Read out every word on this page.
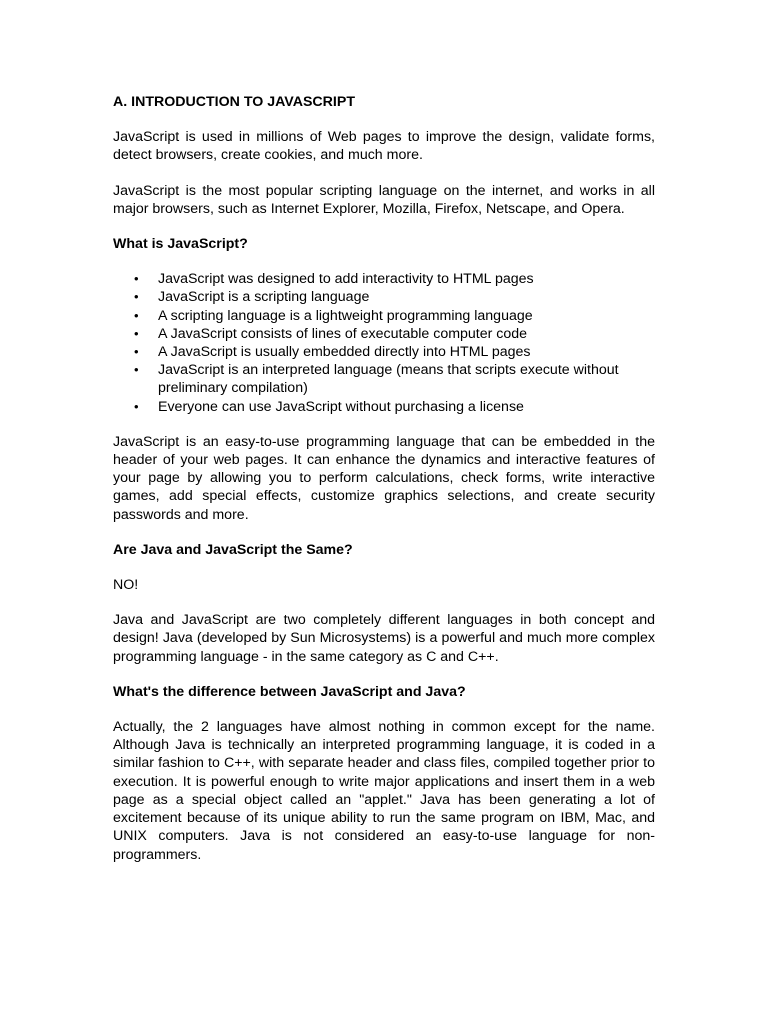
A. INTRODUCTION TO JAVASCRIPT

JavaScript is used in millions of Web pages to improve the design, validate forms, detect browsers, create cookies, and much more.

JavaScript is the most popular scripting language on the internet, and works in all major browsers, such as Internet Explorer, Mozilla, Firefox, Netscape, and Opera.

What is JavaScript?

• JavaScript was designed to add interactivity to HTML pages
• JavaScript is a scripting language
• A scripting language is a lightweight programming language
• A JavaScript consists of lines of executable computer code
• A JavaScript is usually embedded directly into HTML pages
• JavaScript is an interpreted language (means that scripts execute without preliminary compilation)
• Everyone can use JavaScript without purchasing a license

JavaScript is an easy-to-use programming language that can be embedded in the header of your web pages. It can enhance the dynamics and interactive features of your page by allowing you to perform calculations, check forms, write interactive games, add special effects, customize graphics selections, and create security passwords and more.

Are Java and JavaScript the Same?

NO!

Java and JavaScript are two completely different languages in both concept and design! Java (developed by Sun Microsystems) is a powerful and much more complex programming language - in the same category as C and C++.

What's the difference between JavaScript and Java?

Actually, the 2 languages have almost nothing in common except for the name. Although Java is technically an interpreted programming language, it is coded in a similar fashion to C++, with separate header and class files, compiled together prior to execution. It is powerful enough to write major applications and insert them in a web page as a special object called an "applet." Java has been generating a lot of excitement because of its unique ability to run the same program on IBM, Mac, and UNIX computers. Java is not considered an easy-to-use language for non-programmers.
